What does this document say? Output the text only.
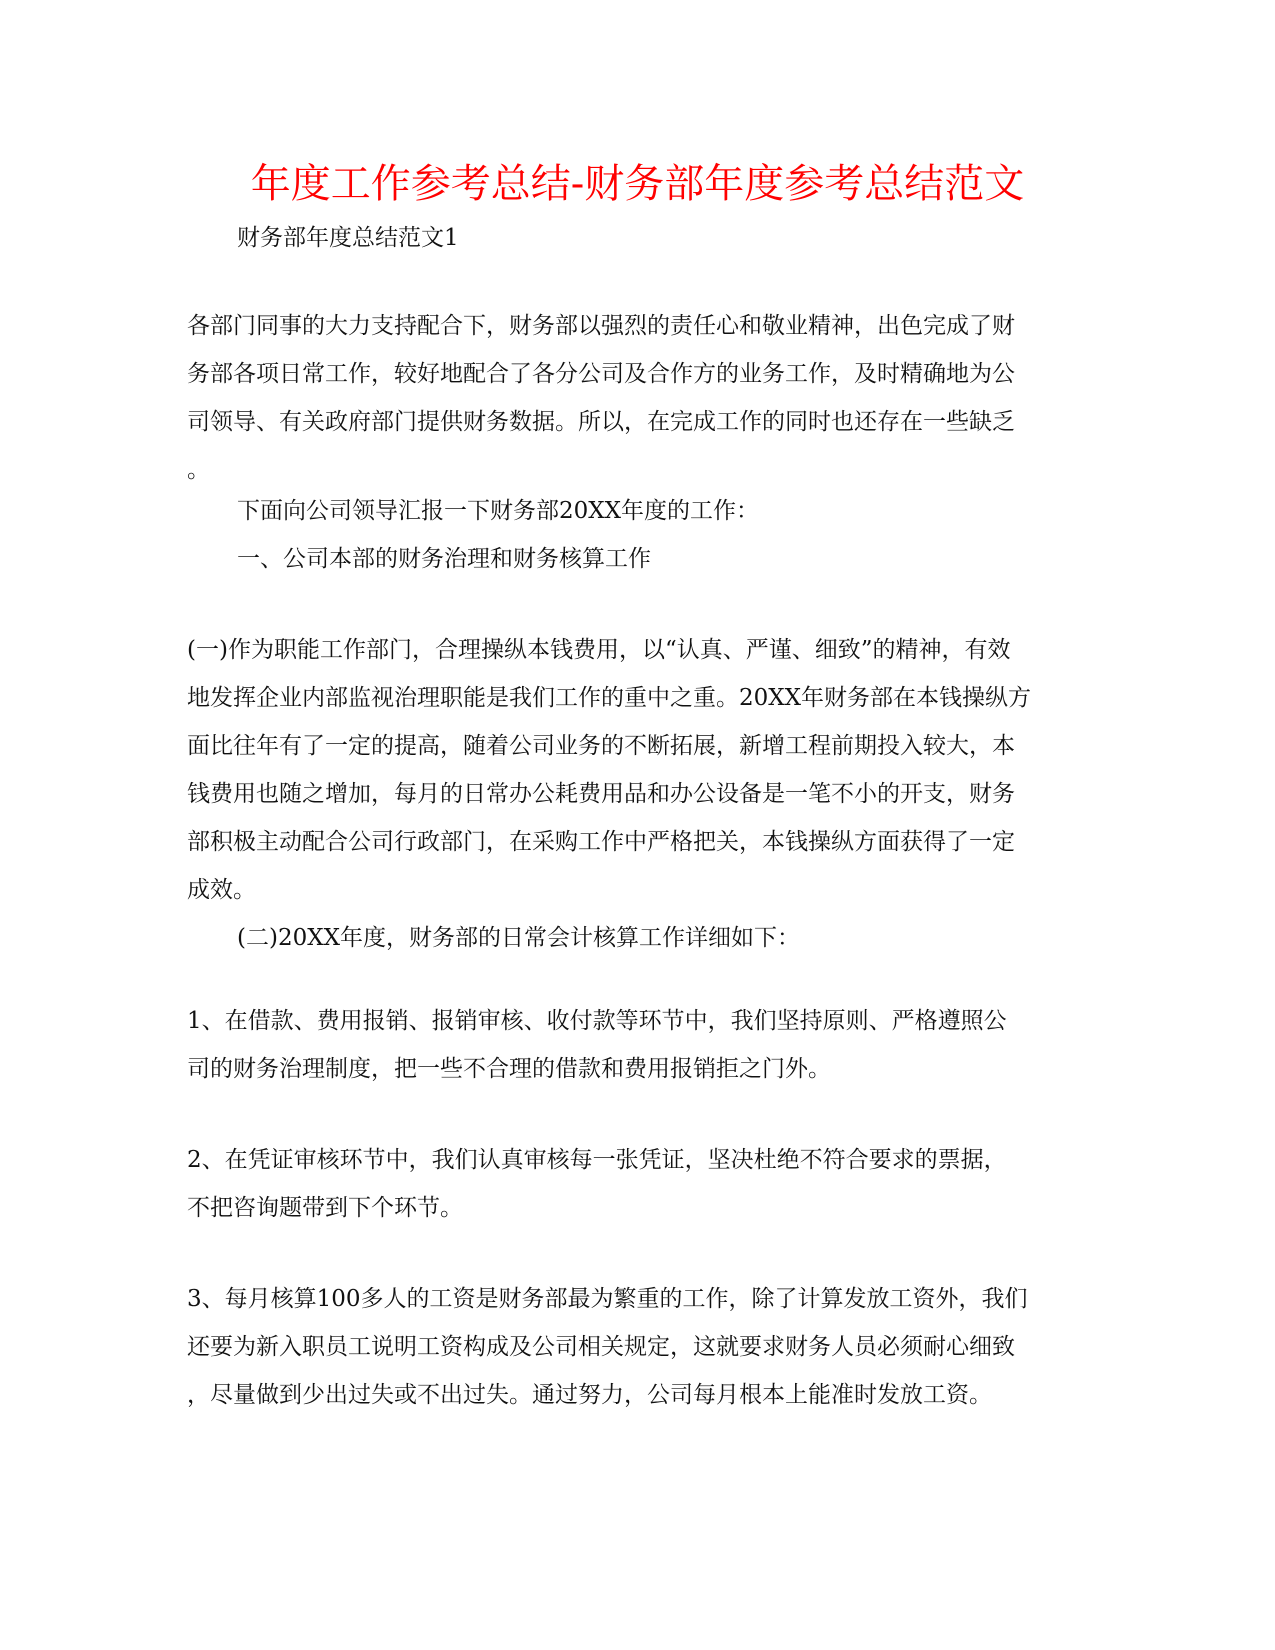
年度工作参考总结-财务部年度参考总结范文
财务部年度总结范文1
各部门同事的大力支持配合下，财务部以强烈的责任心和敬业精神，出色完成了财
务部各项日常工作，较好地配合了各分公司及合作方的业务工作，及时精确地为公
司领导、有关政府部门提供财务数据。所以，在完成工作的同时也还存在一些缺乏
。
下面向公司领导汇报一下财务部20XX年度的工作：
一、公司本部的财务治理和财务核算工作
(一)作为职能工作部门，合理操纵本钱费用，以“认真、严谨、细致”的精神，有效
地发挥企业内部监视治理职能是我们工作的重中之重。20XX年财务部在本钱操纵方
面比往年有了一定的提高，随着公司业务的不断拓展，新增工程前期投入较大，本
钱费用也随之增加，每月的日常办公耗费用品和办公设备是一笔不小的开支，财务
部积极主动配合公司行政部门，在采购工作中严格把关，本钱操纵方面获得了一定
成效。
(二)20XX年度，财务部的日常会计核算工作详细如下：
1、在借款、费用报销、报销审核、收付款等环节中，我们坚持原则、严格遵照公
司的财务治理制度，把一些不合理的借款和费用报销拒之门外。
2、在凭证审核环节中，我们认真审核每一张凭证，坚决杜绝不符合要求的票据，
不把咨询题带到下个环节。
3、每月核算100多人的工资是财务部最为繁重的工作，除了计算发放工资外，我们
还要为新入职员工说明工资构成及公司相关规定，这就要求财务人员必须耐心细致
，尽量做到少出过失或不出过失。通过努力，公司每月根本上能准时发放工资。
